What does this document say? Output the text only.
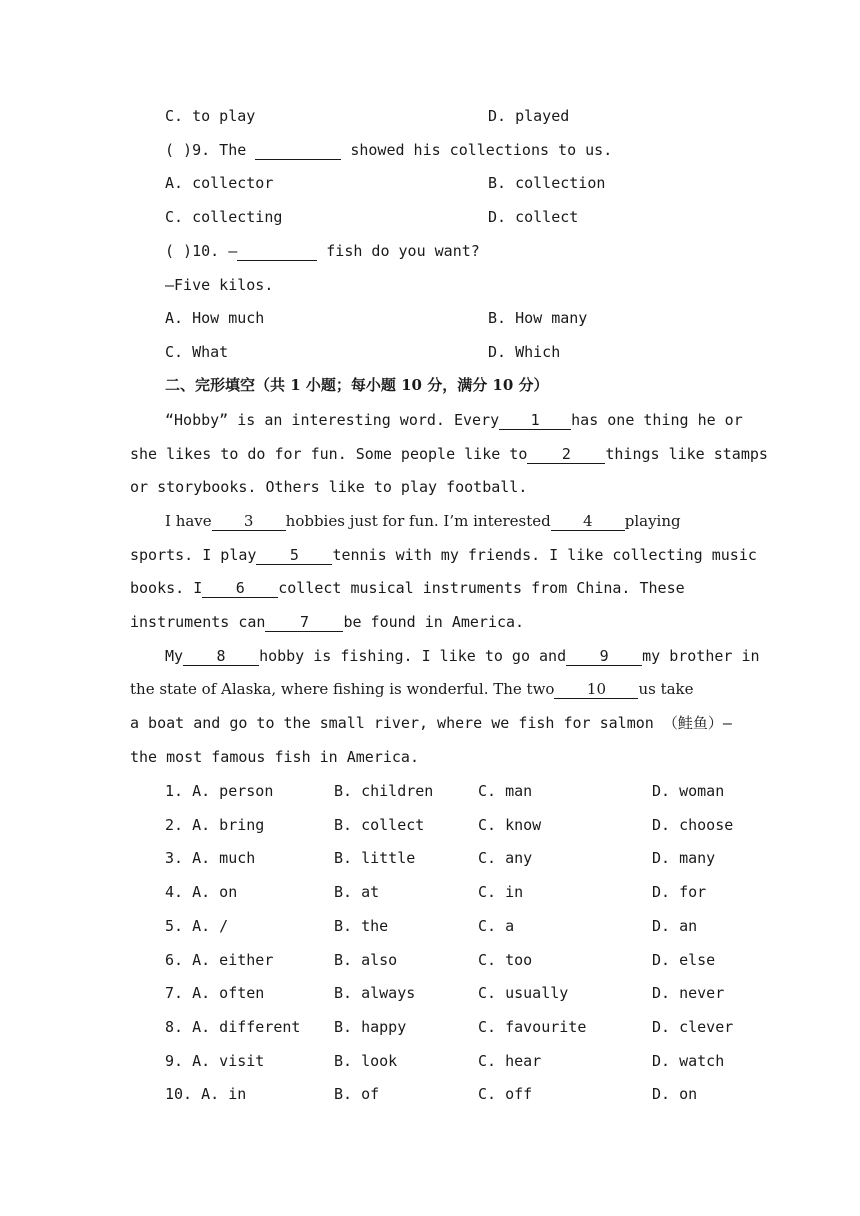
C. to play	D. played
( )9. The	showed his collections to us.
A. collector	B. collection
C. collecting	D. collect
( )10. —	fish do you want?
—Five kilos.
A. How much	B. How many
C. What	D. Which
二、完形填空（共 1 小题；每小题 10 分，满分 10 分）
“Hobby” is an interesting word. Every 1 has one thing he or
she likes to do for fun. Some people like to 2 things like stamps
or storybooks. Others like to play football.
I have 3 hobbies just for fun. I’m interested 4 playing
sports. I play 5 tennis with my friends. I like collecting music
books. I 6 collect musical instruments from China. These
instruments can 7 be found in America.
My 8 hobby is fishing. I like to go and 9 my brother in
the state of Alaska, where fishing is wonderful. The two 10 us take
a boat and go to the small river, where we fish for salmon （鲑鱼）—
the most famous fish in America.
1. A. person	B. children	C. man	D. woman
2. A. bring	B. collect	C. know	D. choose
3. A. much	B. little	C. any	D. many
4. A. on	B. at	C. in	D. for
5. A. /	B. the	C. a	D. an
6. A. either	B. also	C. too	D. else
7. A. often	B. always	C. usually	D. never
8. A. different B. happy	C. favourite	D. clever
9. A. visit	B. look	C. hear	D. watch
10. A. in	B. of	C. off	D. on
